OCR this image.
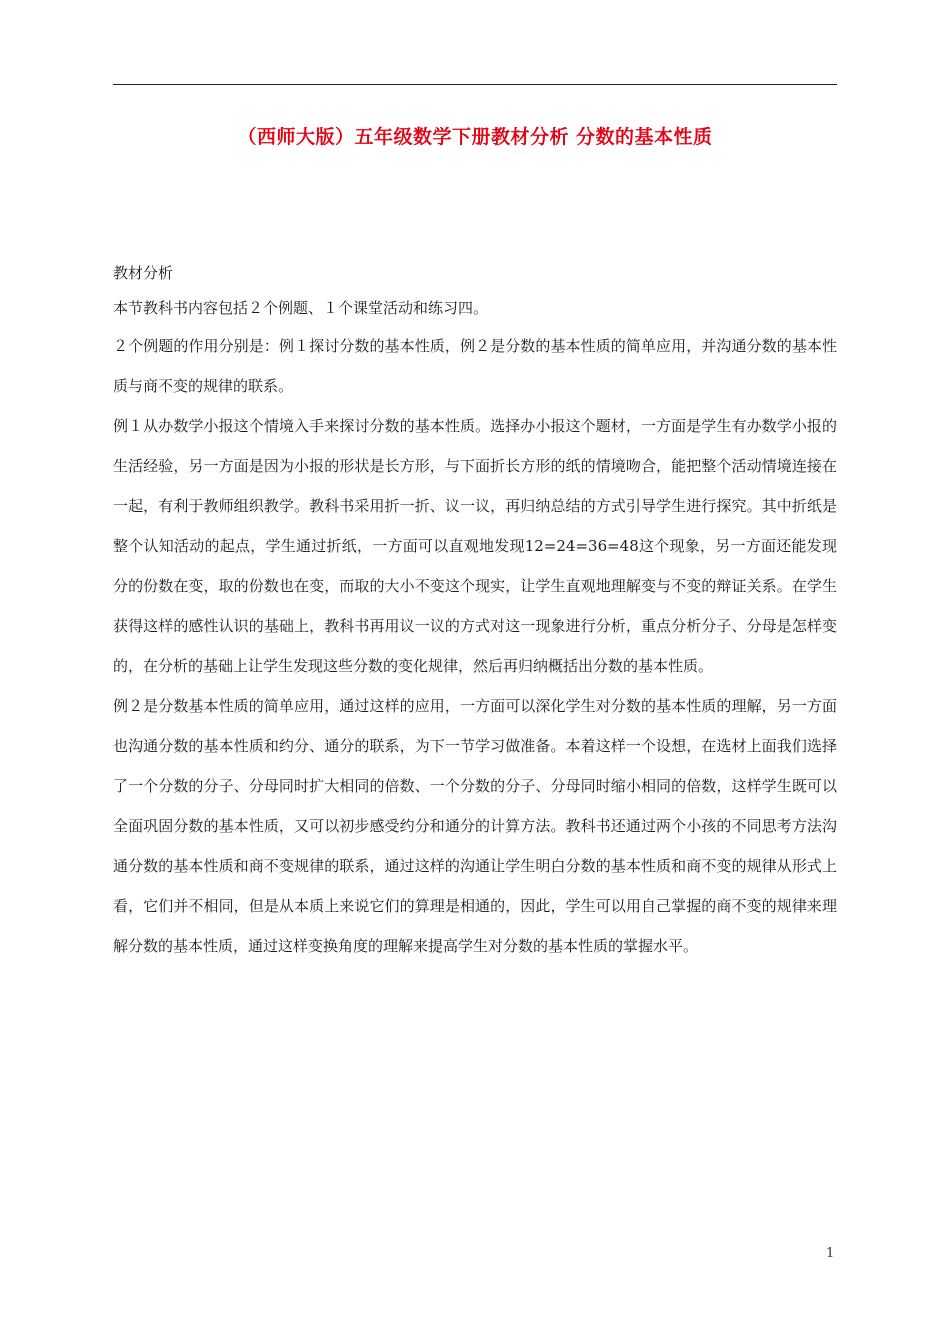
（西师大版）五年级数学下册教材分析 分数的基本性质
教材分析

本节教科书内容包括２个例题、１个课堂活动和练习四。

２个例题的作用分别是：例１探讨分数的基本性质，例２是分数的基本性质的简单应用，并沟通分数的基本性质与商不变的规律的联系。

例１从办数学小报这个情境入手来探讨分数的基本性质。选择办小报这个题材，一方面是学生有办数学小报的生活经验，另一方面是因为小报的形状是长方形，与下面折长方形的纸的情境吻合，能把整个活动情境连接在一起，有利于教师组织教学。教科书采用折一折、议一议，再归纳总结的方式引导学生进行探究。其中折纸是整个认知活动的起点，学生通过折纸，一方面可以直观地发现12=24=36=48这个现象，另一方面还能发现分的份数在变，取的份数也在变，而取的大小不变这个现实，让学生直观地理解变与不变的辩证关系。在学生获得这样的感性认识的基础上，教科书再用议一议的方式对这一现象进行分析，重点分析分子、分母是怎样变的，在分析的基础上让学生发现这些分数的变化规律，然后再归纳概括出分数的基本性质。

例２是分数基本性质的简单应用，通过这样的应用，一方面可以深化学生对分数的基本性质的理解，另一方面也沟通分数的基本性质和约分、通分的联系，为下一节学习做准备。本着这样一个设想，在选材上面我们选择了一个分数的分子、分母同时扩大相同的倍数、一个分数的分子、分母同时缩小相同的倍数，这样学生既可以全面巩固分数的基本性质，又可以初步感受约分和通分的计算方法。教科书还通过两个小孩的不同思考方法沟通分数的基本性质和商不变规律的联系，通过这样的沟通让学生明白分数的基本性质和商不变的规律从形式上看，它们并不相同，但是从本质上来说它们的算理是相通的，因此，学生可以用自己掌握的商不变的规律来理解分数的基本性质，通过这样变换角度的理解来提高学生对分数的基本性质的掌握水平。

1
